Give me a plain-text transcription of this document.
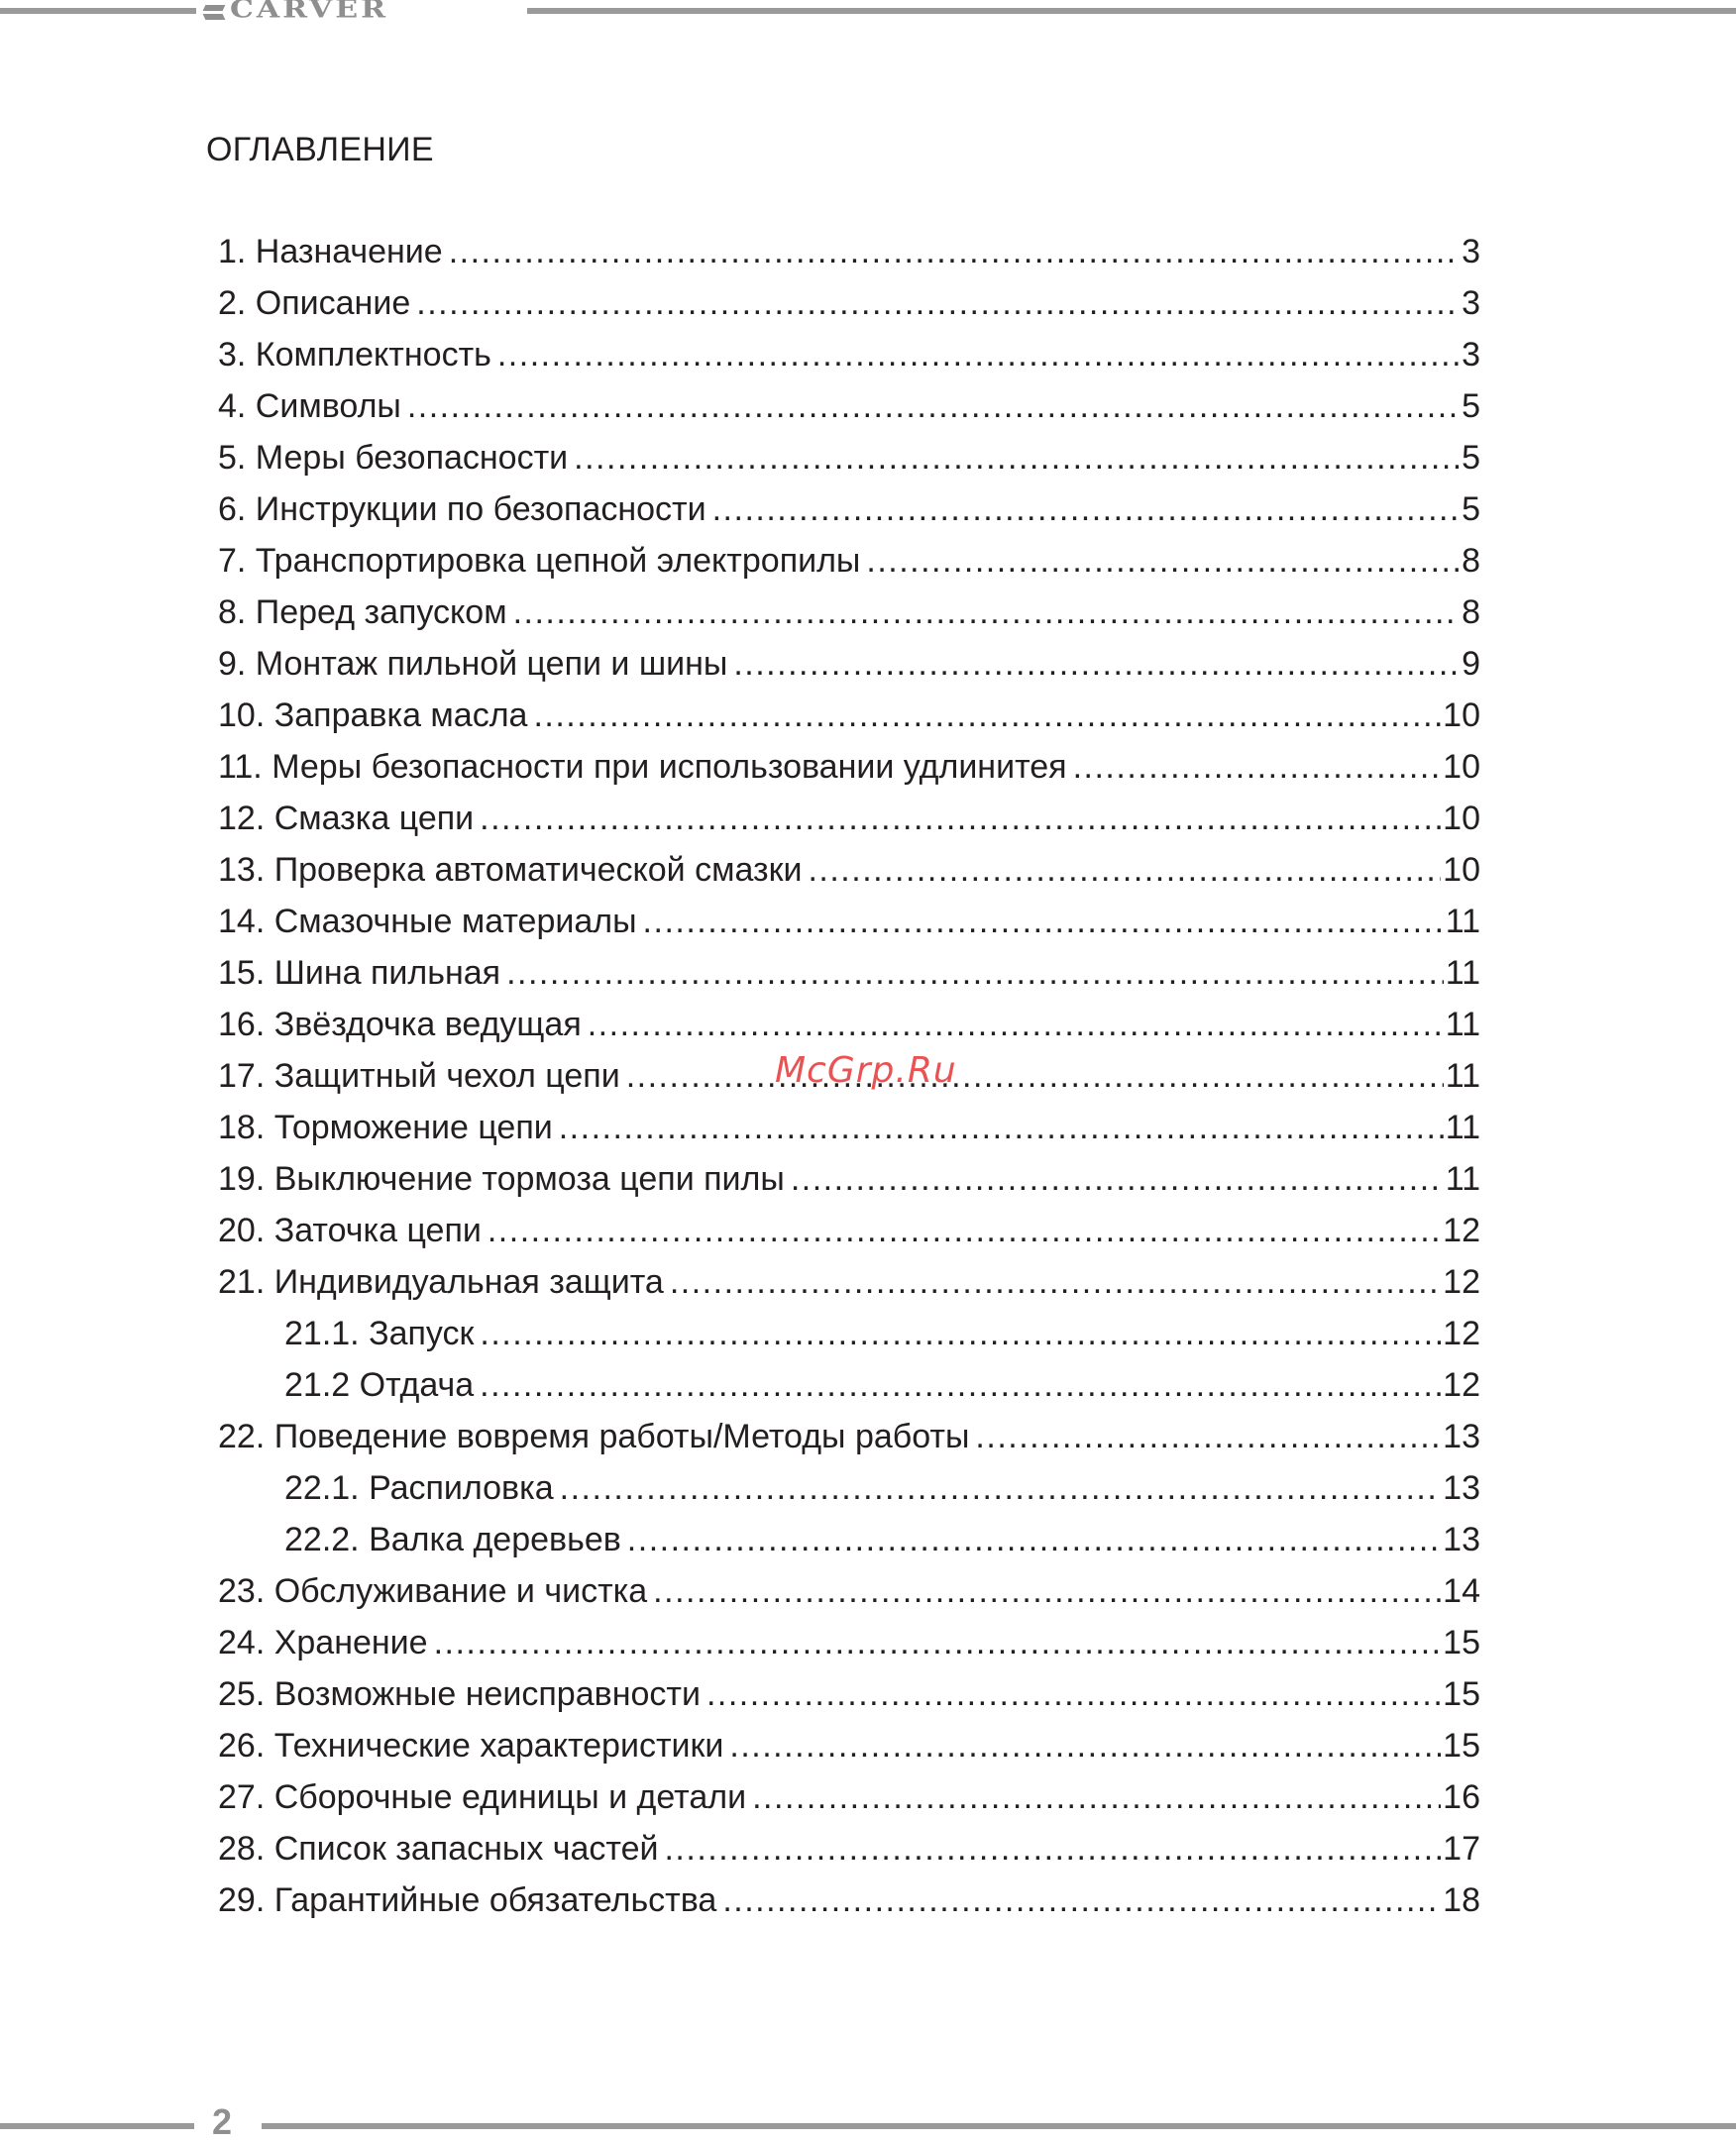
CARVER
ОГЛАВЛЕНИЕ
1. Назначение .....	3
2. Описание .....	3
3. Комплектность .....	3
4. Символы .....	5
5. Меры безопасности .....	5
6. Инструкции по безопасности .....	5
7. Транспортировка цепной электропилы .....	8
8. Перед запуском .....	8
9. Монтаж пильной цепи и шины .....	9
10. Заправка масла .....	10
11. Меры безопасности при использовании удлинитея .....	10
12. Смазка цепи .....	10
13. Проверка автоматической смазки .....	10
14. Смазочные материалы .....	11
15. Шина пильная .....	11
16. Звёздочка ведущая .....	11
17. Защитный чехол цепи .....	11
18. Торможение цепи .....	11
19. Выключение тормоза цепи пилы .....	11
20. Заточка цепи .....	12
21. Индивидуальная защита .....	12
21.1. Запуск .....	12
21.2 Отдача .....	12
22. Поведение вовремя работы/Методы работы .....	13
22.1. Распиловка .....	13
22.2. Валка деревьев .....	13
23. Обслуживание и чистка .....	14
24. Хранение .....	15
25. Возможные неисправности .....	15
26. Технические характеристики .....	15
27. Сборочные единицы и детали .....	16
28. Список запасных частей .....	17
29. Гарантийные обязательства .....	18
McGrp.Ru
2
